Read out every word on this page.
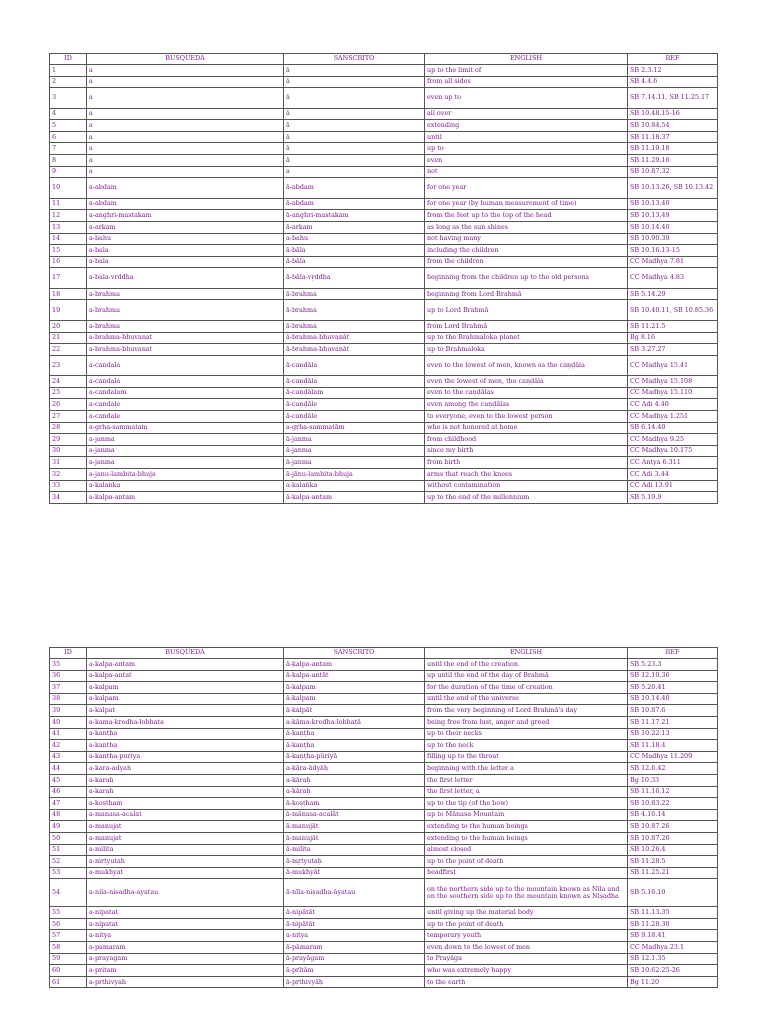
ID	BUSQUEDA	SANSCRITO	ENGLISH	REF
1	a	ā	up to the limit of	SB 2.3.12
2	a	ā	from all sides	SB 4.4.6
3	a	ā	even up to	SB 7.14.11, SB 11.25.17
4	a	ā	all over	SB 10.48.15-16
5	a	ā	extending	SB 10.84.54
6	a	ā	until	SB 11.18.37
7	a	ā	up to	SB 11.19.18
8	a	ā	even	SB 11.29.16
9	a	a	not	SB 10.87.32
10	a-abdam	ā-abdam	for one year	SB 10.13.26, SB 10.13.42
11	a-abdam	ā-abdam	for one year (by human measurement of time)	SB 10.13.40
12	a-anghri-mastakam	ā-aṅghri-mastakam	from the feet up to the top of the head	SB 10.13.49
13	a-arkam	ā-arkam	as long as the sun shines	SB 10.14.40
14	a-bahu	a-bahu	not having many	SB 10.90.39
15	a-bala	ā-bāla	including the children	SB 10.16.13-15
16	a-bala	ā-bāla	from the children	CC Madhya 7.81
17	a-bala-vrddha	ā-bāla-vṛddha	beginning from the children up to the old persons	CC Madhya 4.83
18	a-brahma	ā-brahma	beginning from Lord Brahmā	SB 5.14.29
19	a-brahma	ā-brahma	up to Lord Brahmā	SB 10.40.11, SB 10.85.36
20	a-brahma	ā-brahma	from Lord Brahmā	SB 11.21.5
21	a-brahma-bhuvanat	ā-brahma-bhuvanāt	up to the Brahmaloka planet	Bg 8.16
22	a-brahma-bhuvanat	ā-brahma-bhuvanāt	up to Brahmaloka	SB 3.27.27
23	a-candala	ā-caṇḍāla	even to the lowest of men, known as the caṇḍāla	CC Madhya 15.41
24	a-candala	ā-caṇḍāla	even the lowest of men, the caṇḍāla	CC Madhya 15.108
25	a-candalam	ā-caṇḍālam	even to the caṇḍālas	CC Madhya 15.110
26	a-candale	ā-caṇḍāle	even among the caṇḍālas	CC Adi 4.40
27	a-candale	ā-caṇḍāle	to everyone, even to the lowest person	CC Madhya 1.251
28	a-grha-sammatam	a-gṛha-sammatām	who is not honored at home	SB 6.14.40
29	a-janma	ā-janma	from childhood	CC Madhya 9.25
30	a-janma	ā-janma	since my birth	CC Madhya 10.175
31	a-janma	ā-janma	from birth	CC Antya 6.311
32	a-janu-lambita-bhuja	ā-jānu-lambita-bhuja	arms that reach the knees	CC Adi 3.44
33	a-kalanka	a-kalaṅka	without contamination	CC Adi 13.91
34	a-kalpa-antam	ā-kalpa-antam	up to the end of the millennium	SB 5.19.9
ID	BUSQUEDA	SANSCRITO	ENGLISH	REF
35	a-kalpa-antam	ā-kalpa-antam	until the end of the creation	SB 5.23.3
36	a-kalpa-antat	ā-kalpa-antāt	up until the end of the day of Brahmā	SB 12.10.36
37	a-kalpam	ā-kalpam	for the duration of the time of creation	SB 5.20.41
38	a-kalpam	ā-kalpam	until the end of the universe	SB 10.14.40
39	a-kalpat	ā-kalpāt	from the very beginning of Lord Brahmā's day	SB 10.87.6
40	a-kama-krodha-lobhata	a-kāma-krodha-lobhatā	being free from lust, anger and greed	SB 11.17.21
41	a-kantha	ā-kaṇṭha	up to their necks	SB 10.22.13
42	a-kantha	ā-kaṇṭha	up to the neck	SB 11.18.4
43	a-kantha-puriya	ā-kaṇṭha-pūriyā	filling up to the throat	CC Madhya 11.209
44	a-kara-adyah	a-kāra-ādyāḥ	beginning with the letter a	SB 12.6.42
45	a-karah	a-kāraḥ	the first letter	Bg 10.33
46	a-karah	a-kāraḥ	the first letter, a	SB 11.16.12
47	a-kostham	ā-koṣṭham	up to the tip (of the bow)	SB 10.83.22
48	a-manasa-acalat	ā-mānasa-acalāt	up to Mānasa Mountain	SB 4.16.14
49	a-manujat	ā-manujāt	extending to the human beings	SB 10.87.26
50	a-manujat	ā-manujāt	extending to the human beings	SB 10.87.26
51	a-milita	ā-milita	almost closed	SB 10.26.4
52	a-mrtyutah	ā-mṛtyutaḥ	up to the point of death	SB 11.28.5
53	a-mukhyat	ā-mukhyāt	headfirst	SB 11.25.21
54	a-nila-nisadha-ayatau	ā-nīla-niṣadha-āyatau	on the northern side up to the mountain known as Nīla and on the southern side up to the mountain known as Niṣadha	SB 5.16.10
55	a-nipatat	ā-nipātāt	until giving up the material body	SB 11.13.35
56	a-nipatat	ā-nipātāt	up to the point of death	SB 11.28.30
57	a-nitya	a-nitya	temporary youth	SB 9.18.41
58	a-pamaram	ā-pāmaram	even down to the lowest of men	CC Madhya 23.1
59	a-prayagam	ā-prayāgam	to Prayāga	SB 12.1.35
60	a-pritam	ā-prītām	who was extremely happy	SB 10.62.25-26
61	a-prthivyah	ā-pṛthivyāḥ	to the earth	Bg 11.20
